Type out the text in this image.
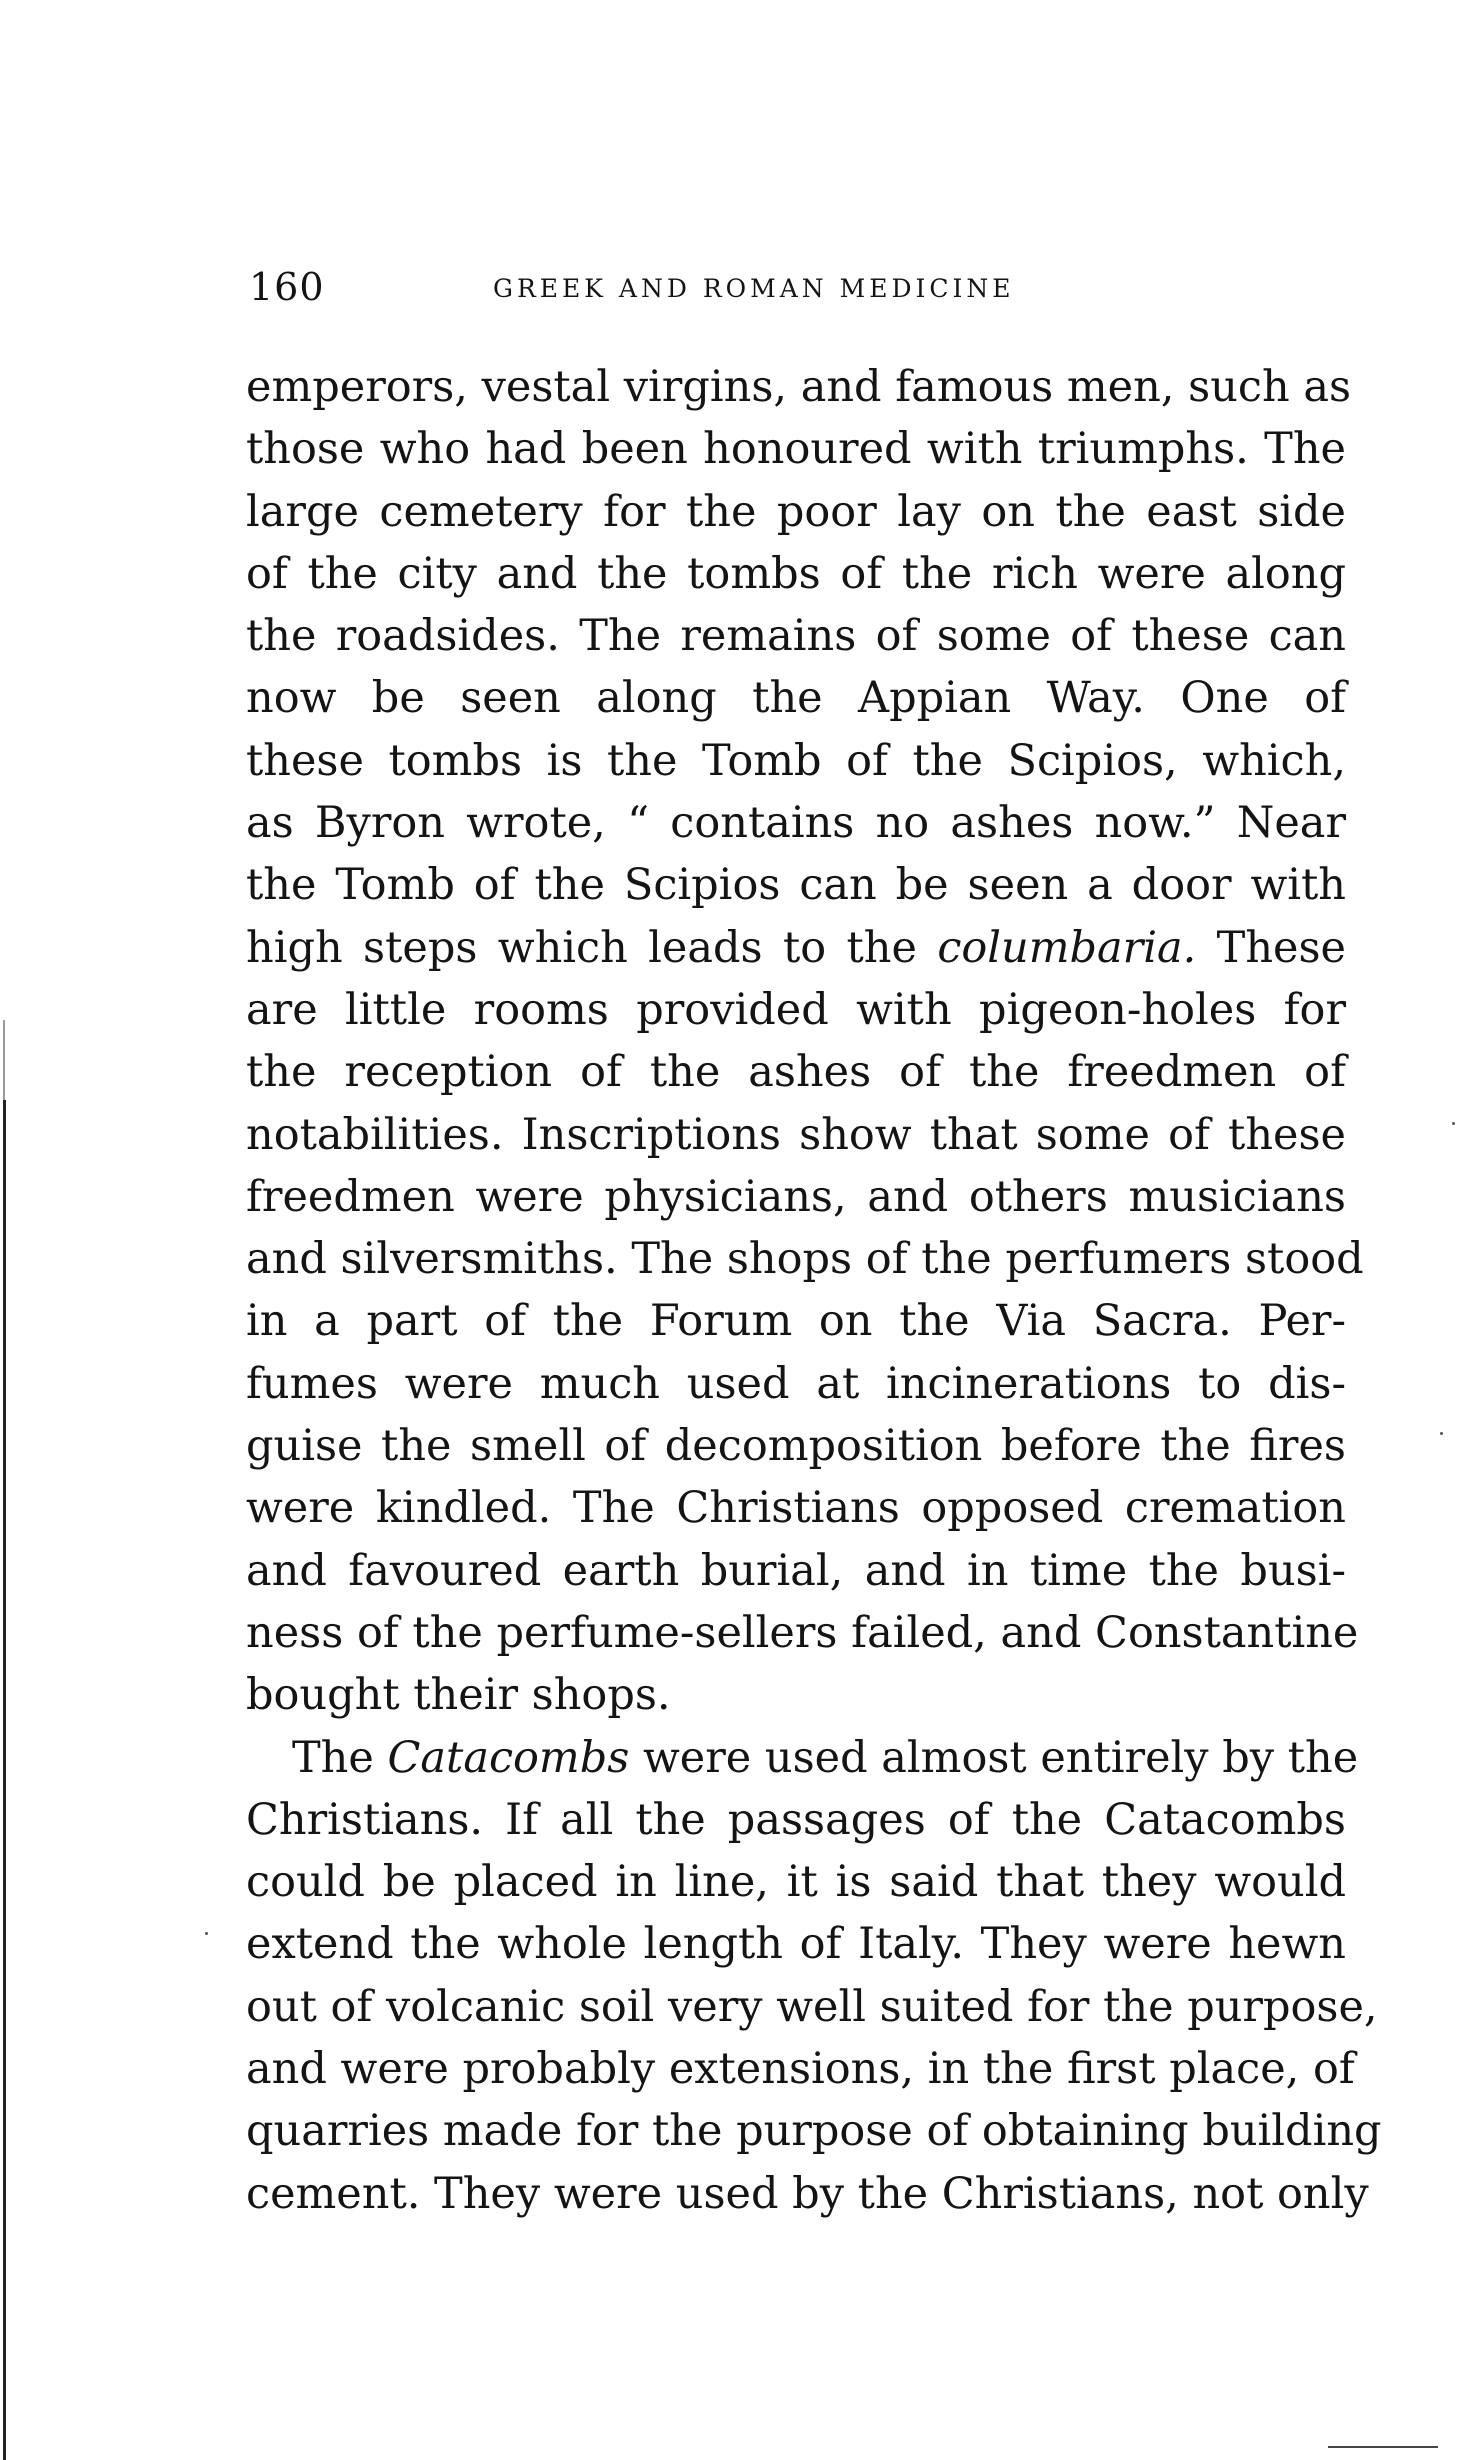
160	GREEK AND ROMAN MEDICINE
emperors, vestal virgins, and famous men, such as
those who had been honoured with triumphs. The
large cemetery for the poor lay on the east side
of the city and the tombs of the rich were along
the roadsides. The remains of some of these can
now be seen along the Appian Way. One of
these tombs is the Tomb of the Scipios, which,
as Byron wrote, “ contains no ashes now.” Near
the Tomb of the Scipios can be seen a door with
high steps which leads to the columbaria. These
are little rooms provided with pigeon-holes for
the reception of the ashes of the freedmen of
notabilities. Inscriptions show that some of these
freedmen were physicians, and others musicians
and silversmiths. The shops of the perfumers stood
in a part of the Forum on the Via Sacra. Per-
fumes were much used at incinerations to dis-
guise the smell of decomposition before the fires
were kindled. The Christians opposed cremation
and favoured earth burial, and in time the busi-
ness of the perfume-sellers failed, and Constantine
bought their shops.
The Catacombs were used almost entirely by the
Christians. If all the passages of the Catacombs
could be placed in line, it is said that they would
extend the whole length of Italy. They were hewn
out of volcanic soil very well suited for the purpose,
and were probably extensions, in the first place, of
quarries made for the purpose of obtaining building
cement. They were used by the Christians, not only
